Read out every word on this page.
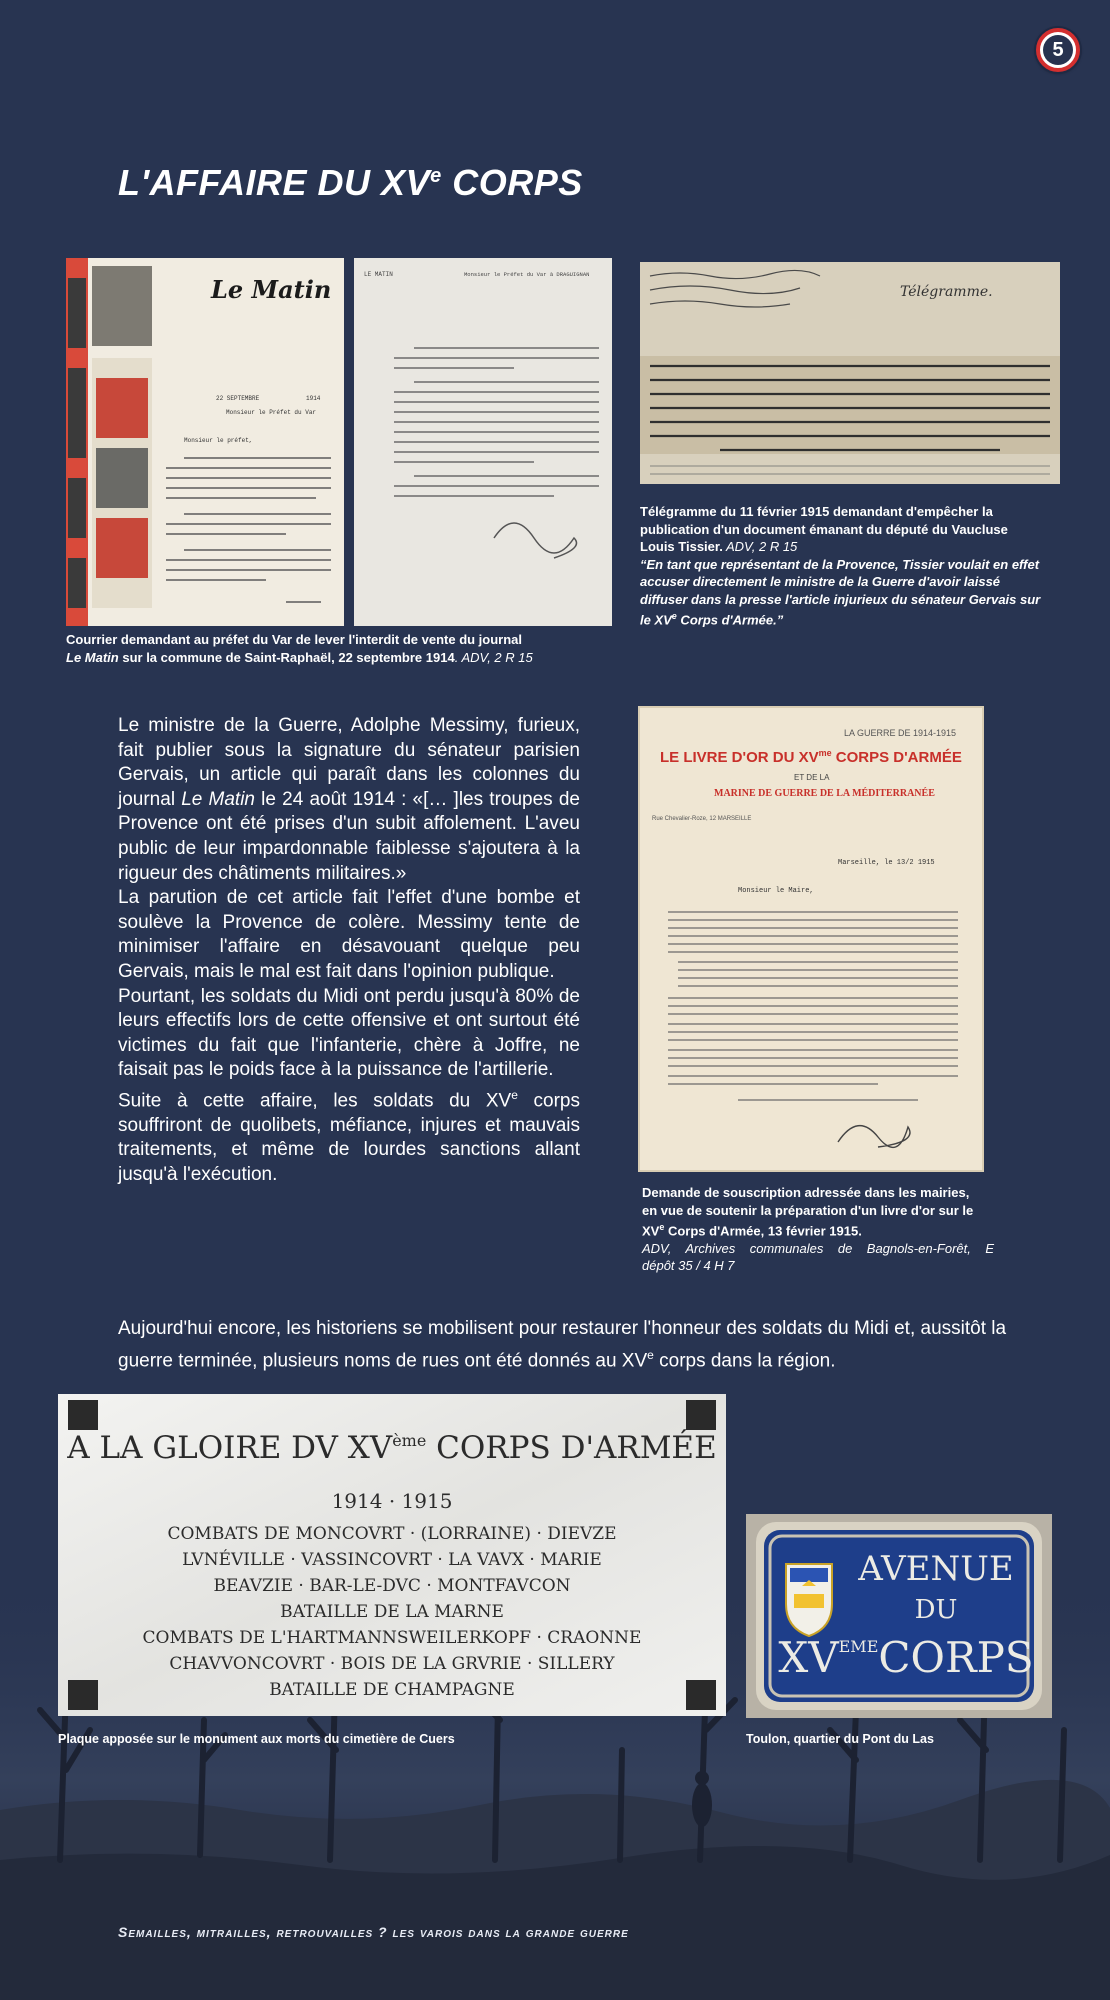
5
L'AFFAIRE DU XVe CORPS
Le Matin
22 SEPTEMBRE	1914
Monsieur le Préfet du Var
Monsieur le préfet,
LE MATIN	Monsieur le Préfet du Var à DRAGUIGNAN
Courrier demandant au préfet du Var de lever l'interdit de vente du journal
Le Matin sur la commune de Saint-Raphaël, 22 septembre 1914. ADV, 2 R 15
Télégramme.
Télégramme du 11 février 1915 demandant d'empêcher la
publication d'un document émanant du député du Vaucluse
Louis Tissier. ADV, 2 R 15
“En tant que représentant de la Provence, Tissier voulait en effet
accuser directement le ministre de la Guerre d'avoir laissé
diffuser dans la presse l'article injurieux du sénateur Gervais sur
le XVe Corps d'Armée.”

Le ministre de la Guerre, Adolphe Messimy, furieux, fait publier sous la signature du sénateur parisien Gervais, un article qui paraît dans les colonnes du journal Le Matin le 24 août 1914 : «[… ]les troupes de Provence ont été prises d'un subit affolement. L'aveu public de leur impardonnable faiblesse s'ajoutera à la rigueur des châtiments militaires.»

La parution de cet article fait l'effet d'une bombe et soulève la Provence de colère. Messimy tente de minimiser l'affaire en désavouant quelque peu Gervais, mais le mal est fait dans l'opinion publique.

Pourtant, les soldats du Midi ont perdu jusqu'à 80% de leurs effectifs lors de cette offensive et ont surtout été victimes du fait que l'infanterie, chère à Joffre, ne faisait pas le poids face à la puissance de l'artillerie.

Suite à cette affaire, les soldats du XVe corps souffriront de quolibets, méfiance, injures et mauvais traitements, et même de lourdes sanctions allant jusqu'à l'exécution.

LA GUERRE DE 1914-1915
LE LIVRE D'OR DU $XV^{me}$ CORPS D'ARMÉE
ET DE LA
MARINE DE GUERRE DE LA MÉDITERRANÉE
Rue Chevalier-Roze, 12 MARSEILLE
Marseille, le 13/2 1915
Monsieur le Maire,
Demande de souscription adressée dans les mairies,
en vue de soutenir la préparation d'un livre d'or sur le
XVe Corps d'Armée, 13 février 1915.
ADV, Archives communales de Bagnols-en-Forêt, E
dépôt 35 / 4 H 7
Aujourd'hui encore, les historiens se mobilisent pour restaurer l'honneur des soldats du Midi et, aussitôt la guerre terminée, plusieurs noms de rues ont été donnés au XVe corps dans la région.
A LA GLOIRE DV XVème CORPS D'ARMÉE
1914 · 1915
COMBATS DE MONCOVRT · (LORRAINE) · DIEVZE
LVNÉVILLE · VASSINCOVRT · LA VAVX · MARIE
BEAVZIE · BAR-LE-DVC · MONTFAVCON
BATAILLE DE LA MARNE
COMBATS DE L'HARTMANNSWEILERKOPF · CRAONNE
CHAVVONCOVRT · BOIS DE LA GRVRIE · SILLERY
BATAILLE DE CHAMPAGNE
AVENUE
DU
XVEMECORPS
Plaque apposée sur le monument aux morts du cimetière de Cuers	Toulon, quartier du Pont du Las
Semailles, mitrailles, retrouvailles ? les varois dans la grande guerre
